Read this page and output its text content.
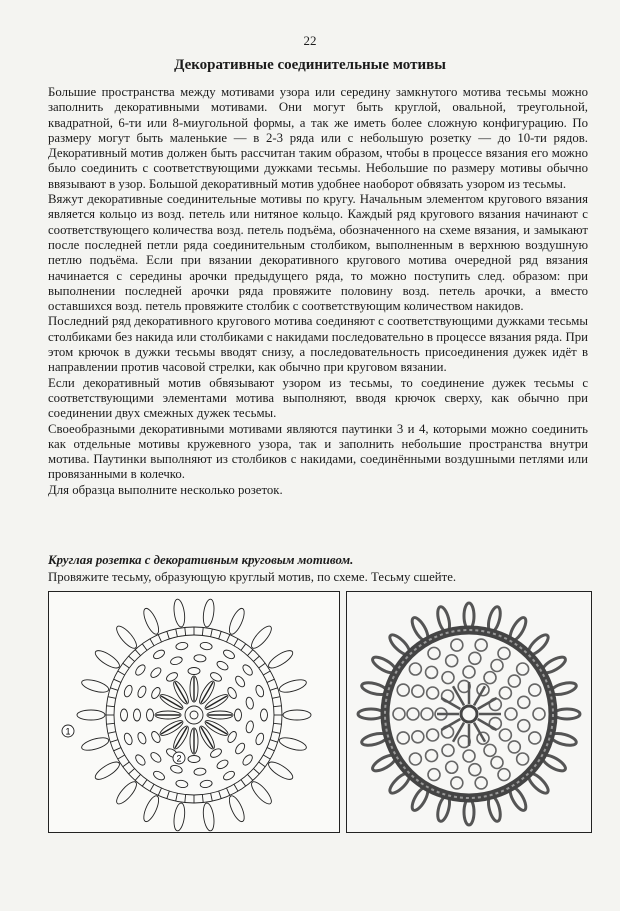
22
Декоративные соединительные мотивы

Большие пространства между мотивами узора или середину замкнутого мотива тесьмы можно заполнить декоративными мотивами. Они могут быть круглой, овальной, треугольной, квадратной, 6-ти или 8-миугольной формы, а так же иметь более сложную конфигурацию. По размеру могут быть маленькие — в 2-3 ряда или с небольшую розетку — до 10-ти рядов. Декоративный мотив должен быть рассчитан таким образом, чтобы в процессе вязания его можно было соединить с соответствующими дужками тесьмы. Небольшие по размеру мотивы обычно ввязывают в узор. Большой декоративный мотив удобнее наоборот обвязать узором из тесьмы.

Вяжут декоративные соединительные мотивы по кругу. Начальным элементом кругового вязания является кольцо из возд. петель или нитяное кольцо. Каждый ряд кругового вязания начинают с соответствующего количества возд. петель подъёма, обозначенного на схеме вязания, и замыкают после последней петли ряда соединительным столбиком, выполненным в верхнюю воздушную петлю подъёма. Если при вязании декоративного кругового мотива очередной ряд вязания начинается с середины арочки предыдущего ряда, то можно поступить след. образом: при выполнении последней арочки ряда провяжите половину возд. петель арочки, а вместо оставшихся возд. петель провяжите столбик с соответствующим количеством накидов.

Последний ряд декоративного кругового мотива соединяют с соответствующими дужками тесьмы столбиками без накида или столбиками с накидами последовательно в процессе вязания ряда. При этом крючок в дужки тесьмы вводят снизу, а последовательность присоединения дужек идёт в направлении против часовой стрелки, как обычно при круговом вязании.

Если декоративный мотив обвязывают узором из тесьмы, то соединение дужек тесьмы с соответствующими элементами мотива выполняют, вводя крючок сверху, как обычно при соединении двух смежных дужек тесьмы.

Своеобразными декоративными мотивами являются паутинки 3 и 4, которыми можно соединить как отдельные мотивы кружевного узора, так и заполнить небольшие пространства внутри мотива. Паутинки выполняют из столбиков с накидами, соединёнными воздушными петлями или провязанными в колечко.

Для образца выполните несколько розеток.

Круглая розетка с декоративным круговым мотивом.
Провяжите тесьму, образующую круглый мотив, по схеме. Тесьму сшейте.
1
2
